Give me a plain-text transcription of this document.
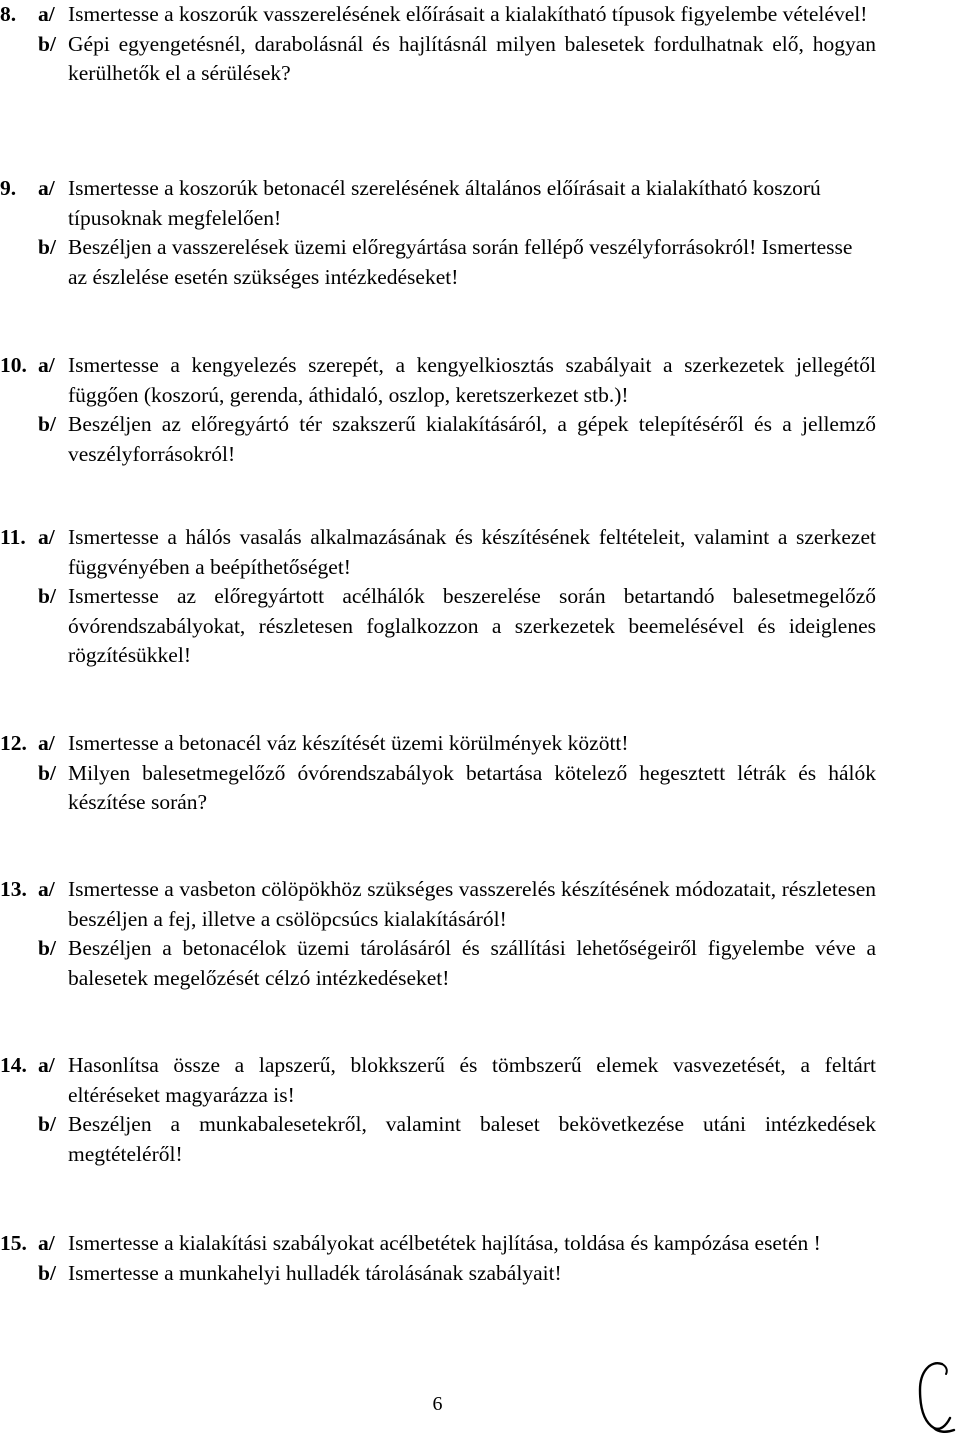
8. a/ Ismertesse a koszorúk vasszerelésének előírásait a kialakítható típusok figyelembe vételével!
b/ Gépi egyengetésnél, darabolásnál és hajlításnál milyen balesetek fordulhatnak elő, hogyan kerülhetők el a sérülések?
9. a/ Ismertesse a koszorúk betonacél szerelésének általános előírásait a kialakítható koszorú típusoknak megfelelően!
b/ Beszéljen a vasszerelések üzemi előregyártása során fellépő veszélyforrásokról! Ismertesse az észlelése esetén szükséges intézkedéseket!
10. a/ Ismertesse a kengyelezés szerepét, a kengyelkiosztás szabályait a szerkezetek jellegétől függően (koszorú, gerenda, áthidaló, oszlop, keretszerkezet stb.)!
b/ Beszéljen az előregyártó tér szakszerű kialakításáról, a gépek telepítéséről és a jellemző veszélyforrásokról!
11. a/ Ismertesse a hálós vasalás alkalmazásának és készítésének feltételeit, valamint a szerkezet függvényében a beépíthetőséget!
b/ Ismertesse az előregyártott acélhálók beszerelése során betartandó balesetmegelőző óvórendszabályokat, részletesen foglalkozzon a szerkezetek beemelésével és ideiglenes rögzítésükkel!
12. a/ Ismertesse a betonacél váz készítését üzemi körülmények között!
b/ Milyen balesetmegelőző óvórendszabályok betartása kötelező hegesztett létrák és hálók készítése során?
13. a/ Ismertesse a vasbeton cölöpökhöz szükséges vasszerelés készítésének módozatait, részletesen beszéljen a fej, illetve a csölöpcsúcs kialakításáról!
b/ Beszéljen a betonacélok üzemi tárolásáról és szállítási lehetőségeiről figyelembe véve a balesetek megelőzését célzó intézkedéseket!
14. a/ Hasonlítsa össze a lapszerű, blokkszerű és tömbszerű elemek vasvezetését, a feltárt eltéréseket magyarázza is!
b/ Beszéljen a munkabalesetekről, valamint baleset bekövetkezése utáni intézkedések megtételéről!
15. a/ Ismertesse a kialakítási szabályokat acélbetétek hajlítása, toldása és kampózása esetén !
b/ Ismertesse a munkahelyi hulladék tárolásának szabályait!
6
